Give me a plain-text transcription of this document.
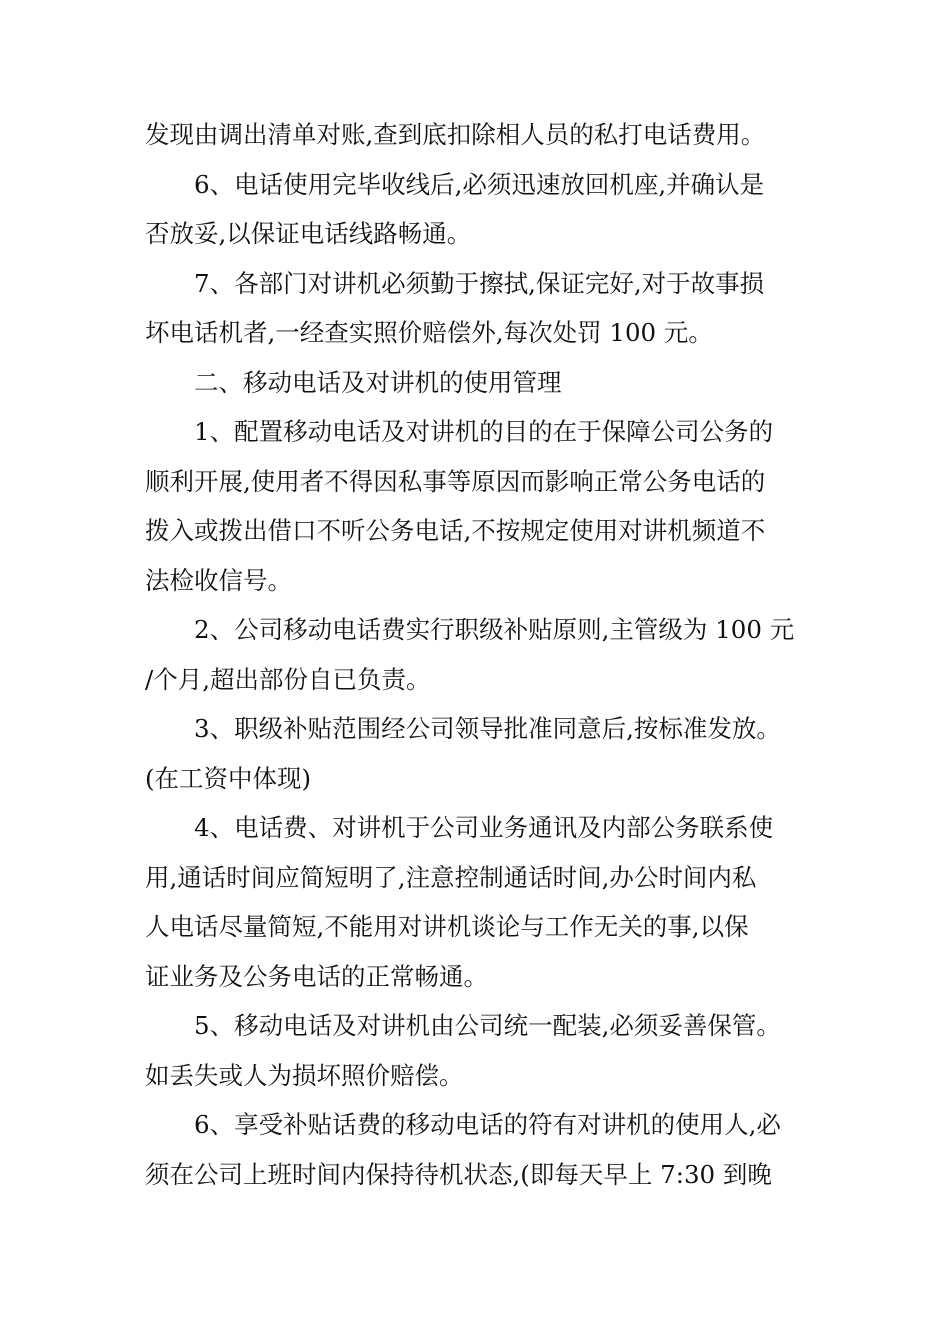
发现由调出清单对账,查到底扣除相人员的私打电话费用。
6、电话使用完毕收线后,必须迅速放回机座,并确认是
否放妥,以保证电话线路畅通。
7、各部门对讲机必须勤于擦拭,保证完好,对于故事损
坏电话机者,一经查实照价赔偿外,每次处罚 100 元。
二、移动电话及对讲机的使用管理
1、配置移动电话及对讲机的目的在于保障公司公务的
顺利开展,使用者不得因私事等原因而影响正常公务电话的
拨入或拨出借口不听公务电话,不按规定使用对讲机频道不
法检收信号。
2、公司移动电话费实行职级补贴原则,主管级为 100 元
/个月,超出部份自已负责。
3、职级补贴范围经公司领导批准同意后,按标准发放。
(在工资中体现)
4、电话费、对讲机于公司业务通讯及内部公务联系使
用,通话时间应简短明了,注意控制通话时间,办公时间内私
人电话尽量简短,不能用对讲机谈论与工作无关的事,以保
证业务及公务电话的正常畅通。
5、移动电话及对讲机由公司统一配装,必须妥善保管。
如丢失或人为损坏照价赔偿。
6、享受补贴话费的移动电话的符有对讲机的使用人,必
须在公司上班时间内保持待机状态,(即每天早上 7:30 到晚
